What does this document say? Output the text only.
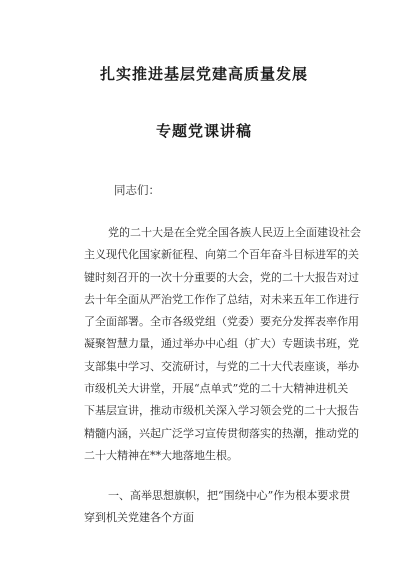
扎实推进基层党建高质量发展
专题党课讲稿
同志们：
党的二十大是在全党全国各族人民迈上全面建设社会
主义现代化国家新征程、向第二个百年奋斗目标进军的关
键时刻召开的一次十分重要的大会，党的二十大报告对过
去十年全面从严治党工作作了总结，对未来五年工作进行
了全面部署。全市各级党组（党委）要充分发挥表率作用
凝聚智慧力量，通过举办中心组（扩大）专题读书班，党
支部集中学习、交流研讨，与党的二十大代表座谈，举办
市级机关大讲堂，开展“点单式”党的二十大精神进机关
下基层宣讲，推动市级机关深入学习领会党的二十大报告
精髓内涵，兴起广泛学习宣传贯彻落实的热潮，推动党的
二十大精神在**大地落地生根。
一、高举思想旗帜，把“围绕中心”作为根本要求贯
穿到机关党建各个方面
